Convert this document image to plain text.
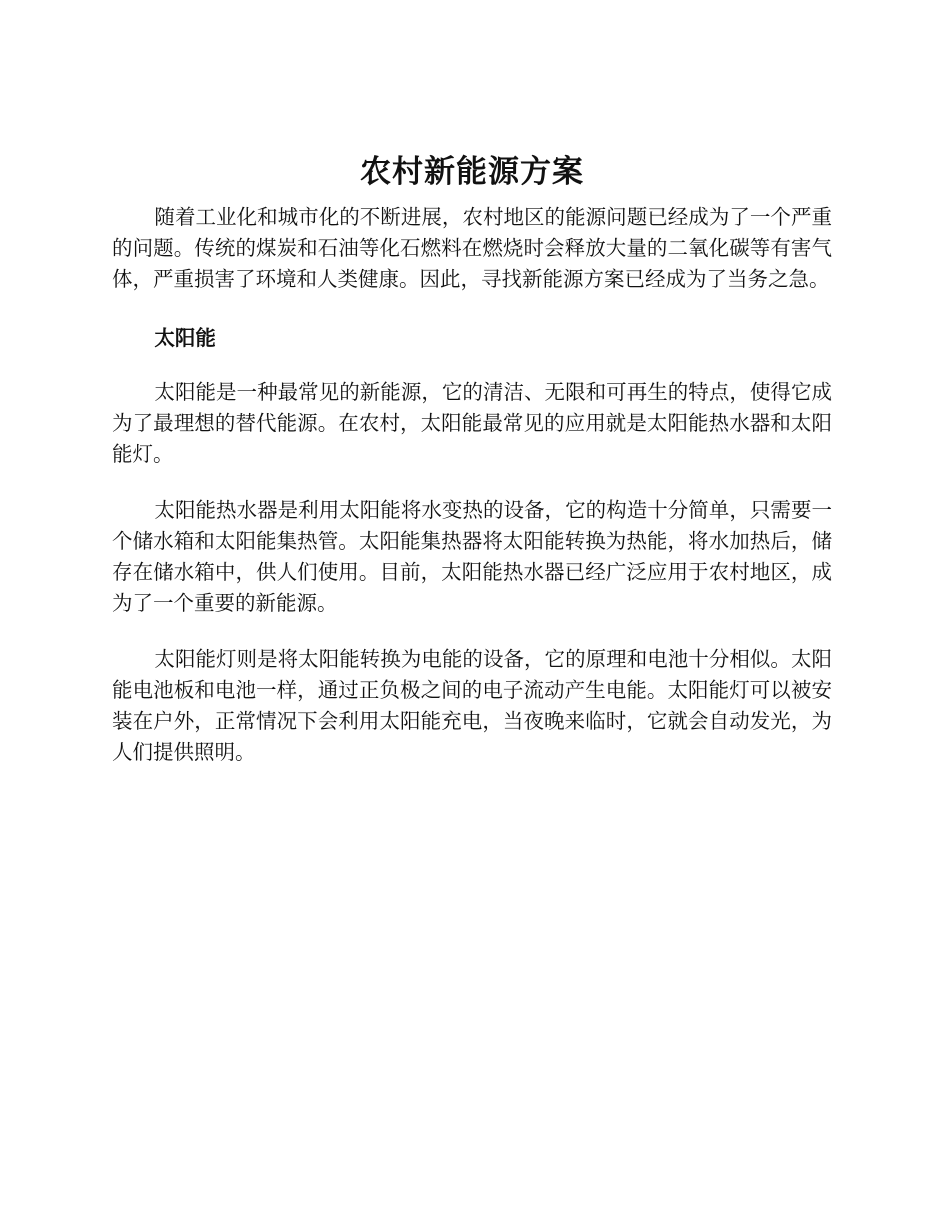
农村新能源方案

随着工业化和城市化的不断进展，农村地区的能源问题已经成为了一个严重的问题。传统的煤炭和石油等化石燃料在燃烧时会释放大量的二氧化碳等有害气体，严重损害了环境和人类健康。因此，寻找新能源方案已经成为了当务之急。

太阳能

太阳能是一种最常见的新能源，它的清洁、无限和可再生的特点，使得它成为了最理想的替代能源。在农村，太阳能最常见的应用就是太阳能热水器和太阳能灯。

太阳能热水器是利用太阳能将水变热的设备，它的构造十分简单，只需要一个储水箱和太阳能集热管。太阳能集热器将太阳能转换为热能，将水加热后，储存在储水箱中，供人们使用。目前，太阳能热水器已经广泛应用于农村地区，成为了一个重要的新能源。

太阳能灯则是将太阳能转换为电能的设备，它的原理和电池十分相似。太阳能电池板和电池一样，通过正负极之间的电子流动产生电能。太阳能灯可以被安装在户外，正常情况下会利用太阳能充电，当夜晚来临时，它就会自动发光，为人们提供照明。
